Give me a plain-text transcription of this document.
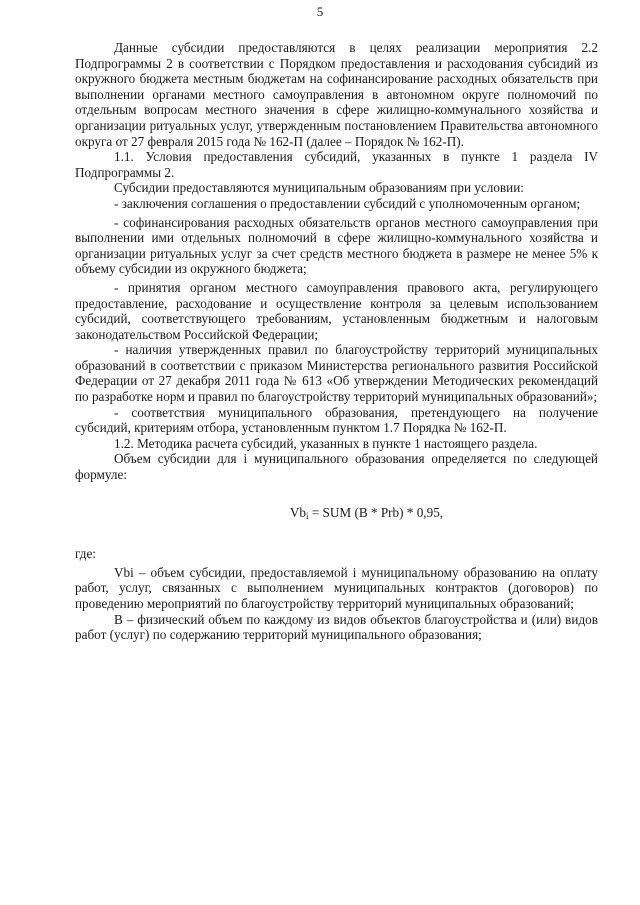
5

Данные субсидии предоставляются в целях реализации мероприятия 2.2 Подпрограммы 2 в соответствии с Порядком предоставления и расходования субсидий из окружного бюджета местным бюджетам на софинансирование расходных обязательств при выполнении органами местного самоуправления в автономном округе полномочий по отдельным вопросам местного значения в сфере жилищно-коммунального хозяйства и организации ритуальных услуг, утвержденным постановлением Правительства автономного округа от 27 февраля 2015 года № 162-П (далее – Порядок № 162-П).

1.1. Условия предоставления субсидий, указанных в пункте 1 раздела IV Подпрограммы 2.

Субсидии предоставляются муниципальным образованиям при условии:

- заключения соглашения о предоставлении субсидий с уполномоченным органом;

- софинансирования расходных обязательств органов местного самоуправления при выполнении ими отдельных полномочий в сфере жилищно-коммунального хозяйства и организации ритуальных услуг за счет средств местного бюджета в размере не менее 5% к объему субсидии из окружного бюджета;

- принятия органом местного самоуправления правового акта, регулирующего предоставление, расходование и осуществление контроля за целевым использованием субсидий, соответствующего требованиям, установленным бюджетным и налоговым законодательством Российской Федерации;

- наличия утвержденных правил по благоустройству территорий муниципальных образований в соответствии с приказом Министерства регионального развития Российской Федерации от 27 декабря 2011 года № 613 «Об утверждении Методических рекомендаций по разработке норм и правил по благоустройству территорий муниципальных образований»;

- соответствия муниципального образования, претендующего на получение субсидий, критериям отбора, установленным пунктом 1.7 Порядка № 162-П.

1.2. Методика расчета субсидий, указанных в пункте 1 настоящего раздела.

Объем субсидии для i муниципального образования определяется по следующей формуле:

$Vb_i$ = SUM (B * Prb) * 0,95,

где:

Vbi – объем субсидии, предоставляемой i муниципальному образованию на оплату работ, услуг, связанных с выполнением муниципальных контрактов (договоров) по проведению мероприятий по благоустройству территорий муниципальных образований;

B – физический объем по каждому из видов объектов благоустройства и (или) видов работ (услуг) по содержанию территорий муниципального образования;
